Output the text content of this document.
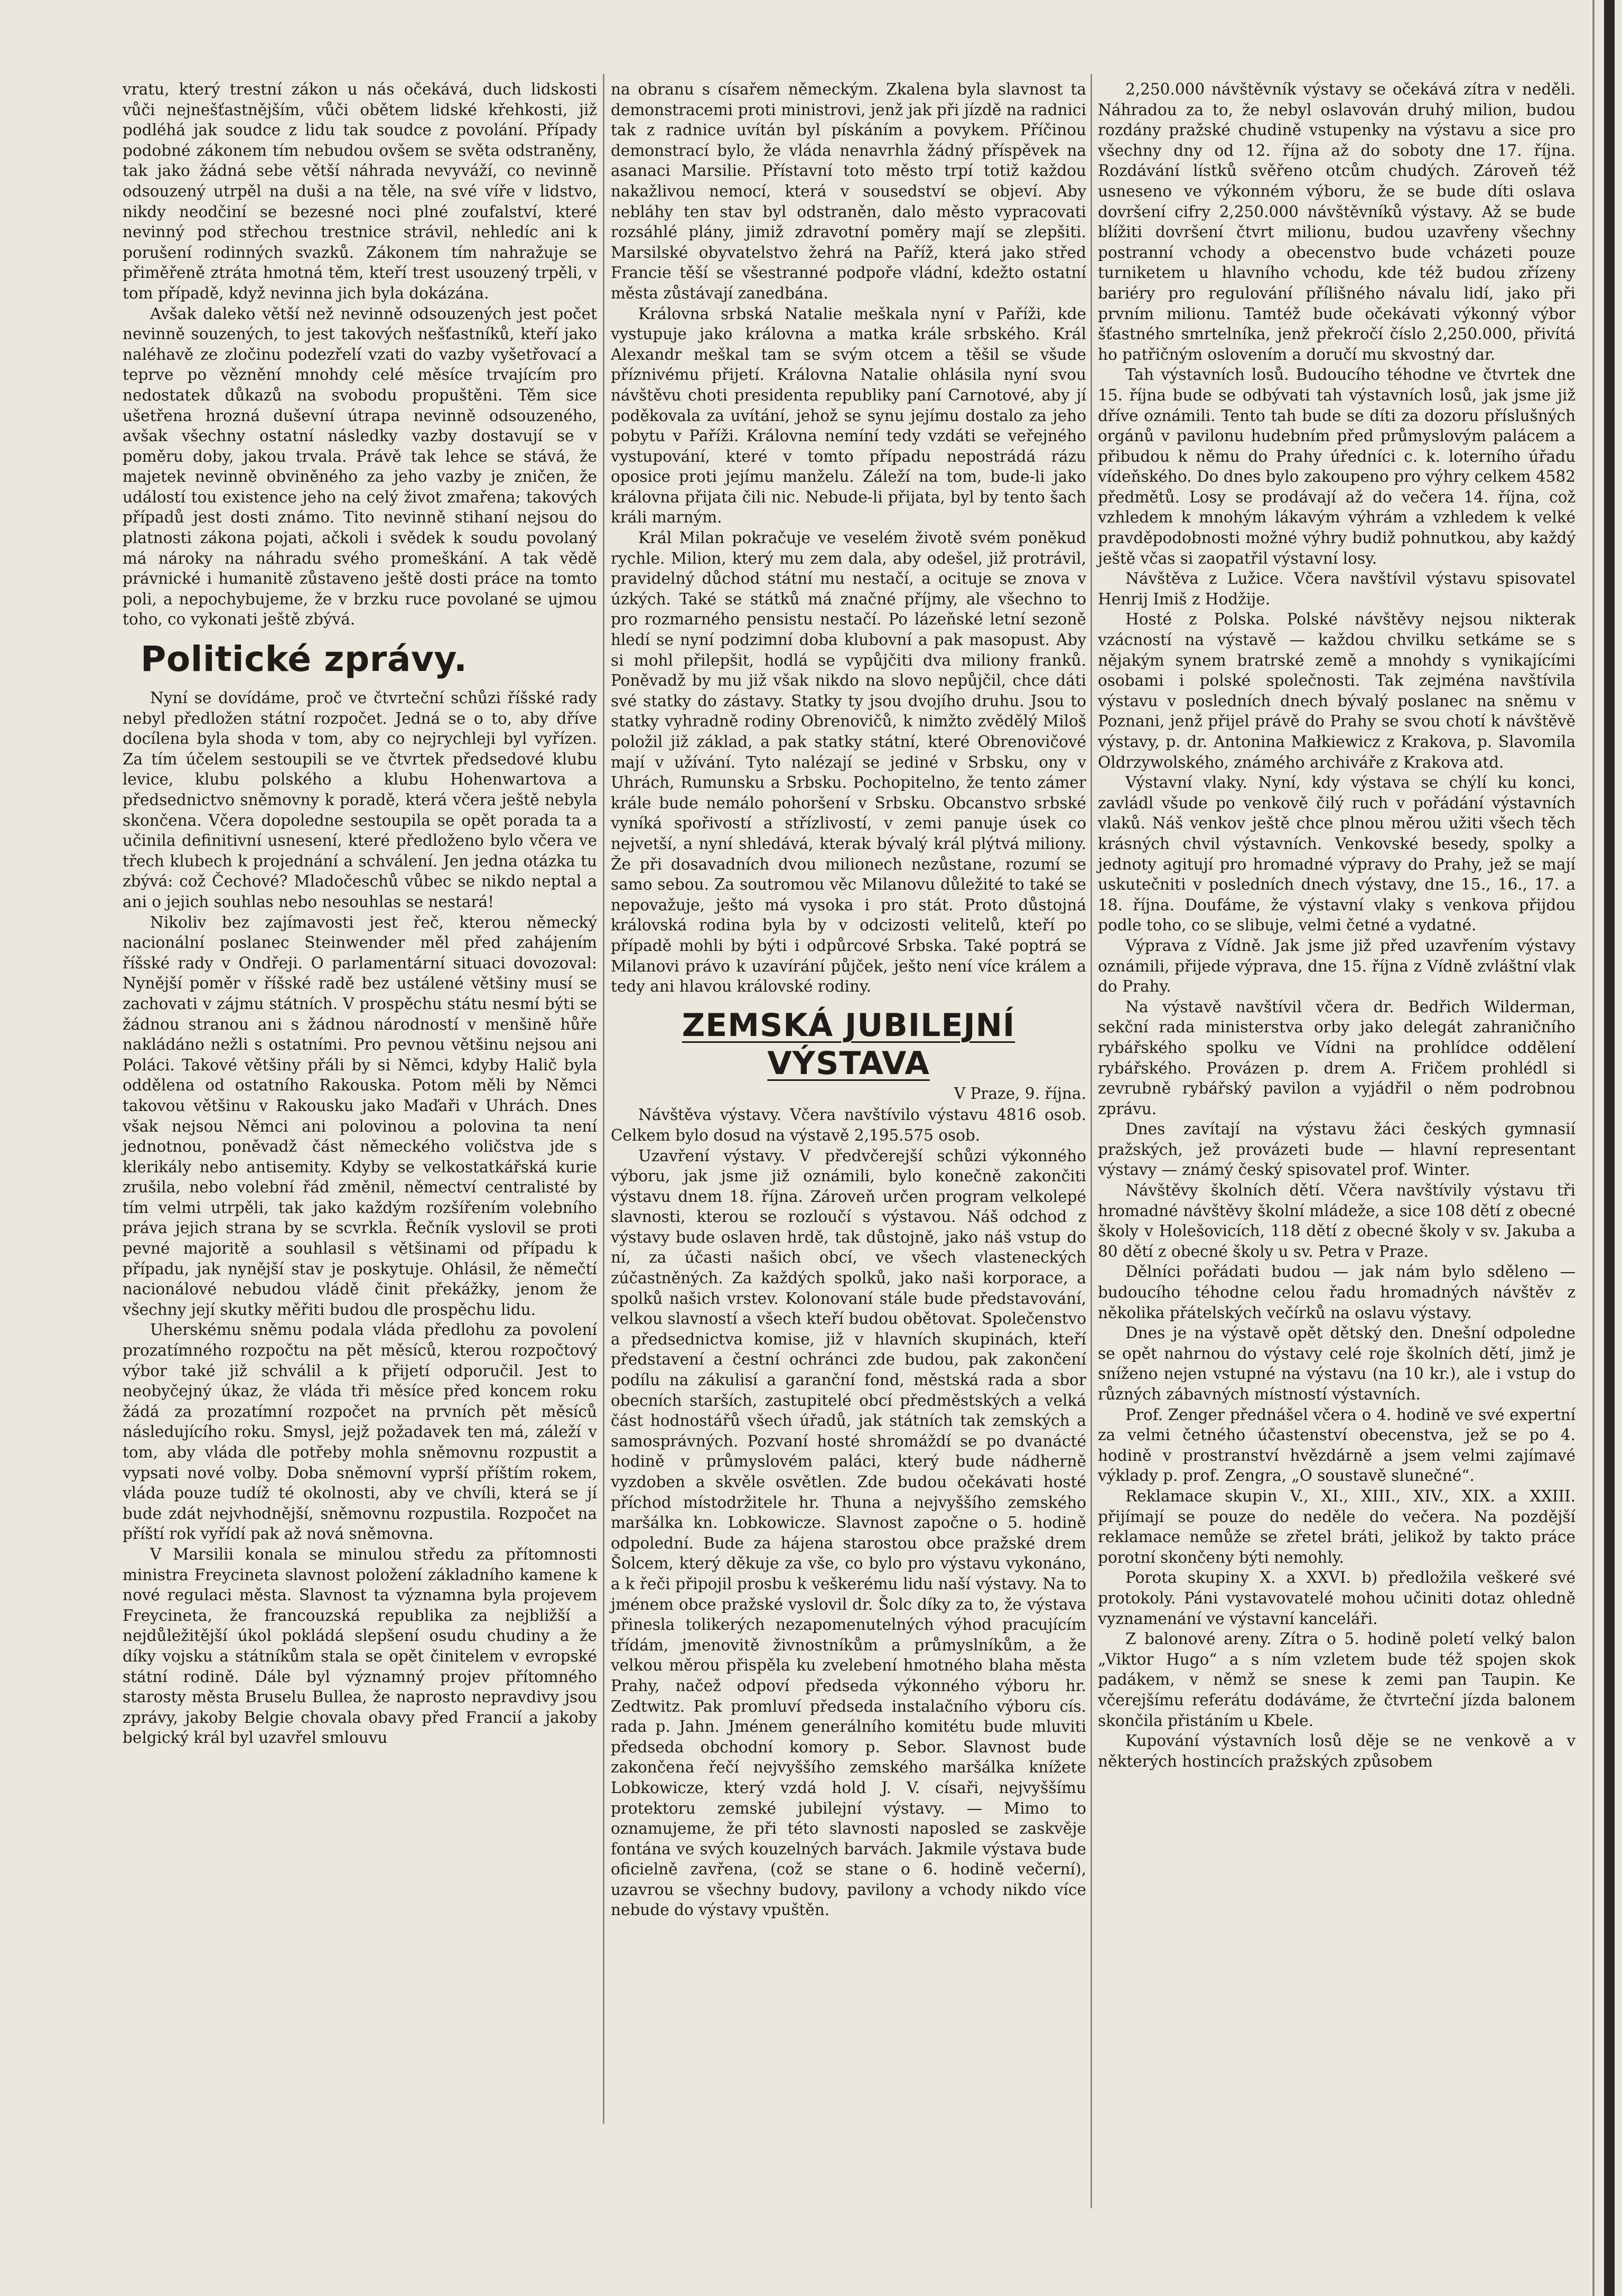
vratu, který trestní zákon u nás očekává, duch lidskosti vůči nejnešťastnějším, vůči obětem lidské křehkosti, již podléhá jak soudce z lidu tak soudce z povolání. Případy podobné zákonem tím nebudou ovšem se světa odstraněny, tak jako žádná sebe větší náhrada nevyváží, co nevinně odsouzený utrpěl na duši a na těle, na své víře v lidstvo, nikdy neodčiní se bezesné noci plné zoufalství, které nevinný pod střechou trestnice strávil, nehledíc ani k porušení rodinných svazků. Zákonem tím nahražuje se přiměřeně ztráta hmotná těm, kteří trest usouzený trpěli, v tom případě, když nevinna jich byla dokázána.

Avšak daleko větší než nevinně odsouzených jest počet nevinně souzených, to jest takových nešťastníků, kteří jako naléhavě ze zločinu podezřelí vzati do vazby vyšetřovací a teprve po věznění mnohdy celé měsíce trvajícím pro nedostatek důkazů na svobodu propuštěni. Těm sice ušetřena hrozná duševní útrapa nevinně odsouzeného, avšak všechny ostatní následky vazby dostavují se v poměru doby, jakou trvala. Právě tak lehce se stává, že majetek nevinně obviněného za jeho vazby je zničen, že událostí tou existence jeho na celý život zmařena; takových případů jest dosti známo. Tito nevinně stihaní nejsou do platnosti zákona pojati, ačkoli i svědek k soudu povolaný má nároky na náhradu svého promeškání. A tak vědě právnické i humanitě zůstaveno ještě dosti práce na tomto poli, a nepochybujeme, že v brzku ruce povolané se ujmou toho, co vykonati ještě zbývá.

Politické zprávy.

Nyní se dovídáme, proč ve čtvrteční schůzi říšské rady nebyl předložen státní rozpočet. Jedná se o to, aby dříve docílena byla shoda v tom, aby co nejrychleji byl vyřízen. Za tím účelem sestoupili se ve čtvrtek předsedové klubu levice, klubu polského a klubu Hohenwartova a předsednictvo sněmovny k poradě, která včera ještě nebyla skončena. Včera dopoledne sestoupila se opět porada ta a učinila definitivní usnesení, které předloženo bylo včera ve třech klubech k projednání a schválení. Jen jedna otázka tu zbývá: což Čechové? Mladočeschů vůbec se nikdo neptal a ani o jejich souhlas nebo nesouhlas se nestará!

Nikoliv bez zajímavosti jest řeč, kterou německý nacionální poslanec Steinwender měl před zahájením říšské rady v Ondřeji. O parlamentární situaci dovozoval: Nynější poměr v říšské radě bez ustálené většiny musí se zachovati v zájmu státních. V prospěchu státu nesmí býti se žádnou stranou ani s žádnou národností v menšině hůře nakládáno nežli s ostatními. Pro pevnou většinu nejsou ani Poláci. Takové většiny přáli by si Němci, kdyby Halič byla oddělena od ostatního Rakouska. Potom měli by Němci takovou většinu v Rakousku jako Maďaři v Uhrách. Dnes však nejsou Němci ani polovinou a polovina ta není jednotnou, poněvadž část německého voličstva jde s klerikály nebo antisemity. Kdyby se velkostatkářská kurie zrušila, nebo volební řád změnil, němectví centralisté by tím velmi utrpěli, tak jako každým rozšířením volebního práva jejich strana by se scvrkla. Řečník vyslovil se proti pevné majoritě a souhlasil s většinami od případu k případu, jak nynější stav je poskytuje. Ohlásil, že němečtí nacionálové nebudou vládě činit překážky, jenom že všechny její skutky měřiti budou dle prospěchu lidu.

Uherskému sněmu podala vláda předlohu za povolení prozatímného rozpočtu na pět měsíců, kterou rozpočtový výbor také již schválil a k přijetí odporučil. Jest to neobyčejný úkaz, že vláda tři měsíce před koncem roku žádá za prozatímní rozpočet na prvních pět měsíců následujícího roku. Smysl, jejž požadavek ten má, záleží v tom, aby vláda dle potřeby mohla sněmovnu rozpustit a vypsati nové volby. Doba sněmovní vyprší příštím rokem, vláda pouze tudíž té okolnosti, aby ve chvíli, která se jí bude zdát nejvhodnější, sněmovnu rozpustila. Rozpočet na příští rok vyřídí pak až nová sněmovna.

V Marsilii konala se minulou středu za přítomnosti ministra Freycineta slavnost položení základního kamene k nové regulaci města. Slavnost ta významna byla projevem Freycineta, že francouzská republika za nejbližší a nejdůležitější úkol pokládá slepšení osudu chudiny a že díky vojsku a státníkům stala se opět činitelem v evropské státní rodině. Dále byl významný projev přítomného starosty města Bruselu Bullea, že naprosto nepravdivy jsou zprávy, jakoby Belgie chovala obavy před Francií a jakoby belgický král byl uzavřel smlouvu

na obranu s císařem německým. Zkalena byla slavnost ta demonstracemi proti ministrovi, jenž jak při jízdě na radnici tak z radnice uvítán byl pískáním a povykem. Příčinou demonstrací bylo, že vláda nenavrhla žádný příspěvek na asanaci Marsilie. Přístavní toto město trpí totiž každou nakažlivou nemocí, která v sousedství se objeví. Aby nebláhy ten stav byl odstraněn, dalo město vypracovati rozsáhlé plány, jimiž zdravotní poměry mají se zlepšiti. Marsilské obyvatelstvo žehrá na Paříž, která jako střed Francie těší se všestranné podpoře vládní, kdežto ostatní města zůstávají zanedbána.

Královna srbská Natalie meškala nyní v Paříži, kde vystupuje jako královna a matka krále srbského. Král Alexandr meškal tam se svým otcem a těšil se všude příznivému přijetí. Královna Natalie ohlásila nyní svou návštěvu choti presidenta republiky paní Carnotové, aby jí poděkovala za uvítání, jehož se synu jejímu dostalo za jeho pobytu v Paříži. Královna nemíní tedy vzdáti se veřejného vystupování, které v tomto případu nepostrádá rázu oposice proti jejímu manželu. Záleží na tom, bude-li jako královna přijata čili nic. Nebude-li přijata, byl by tento šach králi marným.

Král Milan pokračuje ve veselém životě svém poněkud rychle. Milion, který mu zem dala, aby odešel, již protrávil, pravidelný důchod státní mu nestačí, a ocituje se znova v úzkých. Také se státků má značné příjmy, ale všechno to pro rozmarného pensistu nestačí. Po lázeňské letní sezoně hledí se nyní podzimní doba klubovní a pak masopust. Aby si mohl přilepšit, hodlá se vypůjčiti dva miliony franků. Poněvadž by mu již však nikdo na slovo nepůjčil, chce dáti své statky do zástavy. Statky ty jsou dvojího druhu. Jsou to statky vyhradně rodiny Obrenovičů, k nimžto zvědělý Miloš položil již základ, a pak statky státní, které Obrenovičové mají v užívání. Tyto nalézají se jediné v Srbsku, ony v Uhrách, Rumunsku a Srbsku. Pochopitelno, že tento zámer krále bude nemálo pohoršení v Srbsku. Obcanstvo srbské vyníká spořivostí a střízlivostí, v zemi panuje úsek co nejvetší, a nyní shledává, kterak bývalý král plýtvá miliony. Že při dosavadních dvou milionech nezůstane, rozumí se samo sebou. Za soutromou věc Milanovu důležité to také se nepovažuje, ješto má vysoka i pro stát. Proto důstojná královská rodina byla by v odcizosti velitelů, kteří po případě mohli by býti i odpůrcové Srbska. Také poptrá se Milanovi právo k uzavírání půjček, ješto není více králem a tedy ani hlavou královské rodiny.

ZEMSKÁ JUBILEJNÍ VÝSTAVA
V Praze, 9. října.

Návštěva výstavy. Včera navštívilo výstavu 4816 osob. Celkem bylo dosud na výstavě 2,195.575 osob.

Uzavření výstavy. V předvčerejší schůzi výkonného výboru, jak jsme již oznámili, bylo konečně zakončiti výstavu dnem 18. října. Zároveň určen program velkolepé slavnosti, kterou se rozloučí s výstavou. Náš odchod z výstavy bude oslaven hrdě, tak důstojně, jako náš vstup do ní, za účasti našich obcí, ve všech vlasteneckých zúčastněných. Za každých spolků, jako naši korporace, a spolků našich vrstev. Kolonovaní stále bude představování, velkou slavností a všech kteří budou obětovat. Společenstvo a předsednictva komise, již v hlavních skupinách, kteří představení a čestní ochránci zde budou, pak zakončení podílu na zákulisí a garanční fond, městská rada a sbor obecních starších, zastupitelé obcí předměstských a velká část hodnostářů všech úřadů, jak státních tak zemských a samosprávných. Pozvaní hosté shromáždí se po dvanácté hodině v průmyslovém paláci, který bude nádherně vyzdoben a skvěle osvětlen. Zde budou očekávati hosté příchod místodržitele hr. Thuna a nejvyššího zemského maršálka kn. Lobkowicze. Slavnost započne o 5. hodině odpolední. Bude za hájena starostou obce pražské drem Šolcem, který děkuje za vše, co bylo pro výstavu vykonáno, a k řeči připojil prosbu k veškerému lidu naší výstavy. Na to jménem obce pražské vyslovil dr. Šolc díky za to, že výstava přinesla tolikerých nezapomenutelných výhod pracujícím třídám, jmenovitě živnostníkům a průmyslníkům, a že velkou měrou přispěla ku zvelebení hmotného blaha města Prahy, načež odpoví předseda výkonného výboru hr. Zedtwitz. Pak promluví předseda instalačního výboru cís. rada p. Jahn. Jménem generálního komitétu bude mluviti předseda obchodní komory p. Sebor. Slavnost bude zakončena řečí nejvyššího zemského maršálka knížete Lobkowicze, který vzdá hold J. V. císaři, nejvyššímu protektoru zemské jubilejní výstavy. — Mimo to oznamujeme, že při této slavnosti naposled se zaskvěje fontána ve svých kouzelných barvách. Jakmile výstava bude oficielně zavřena, (což se stane o 6. hodině večerní), uzavrou se všechny budovy, pavilony a vchody nikdo více nebude do výstavy vpuštěn.

2,250.000 návštěvník výstavy se očekává zítra v neděli. Náhradou za to, že nebyl oslavován druhý milion, budou rozdány pražské chudině vstupenky na výstavu a sice pro všechny dny od 12. října až do soboty dne 17. října. Rozdávání lístků svěřeno otcům chudých. Zároveň též usneseno ve výkonném výboru, že se bude díti oslava dovršení cifry 2,250.000 návštěvníků výstavy. Až se bude blížiti dovršení čtvrt milionu, budou uzavřeny všechny postranní vchody a obecenstvo bude vcházeti pouze turniketem u hlavního vchodu, kde též budou zřízeny bariéry pro regulování přílišného návalu lidí, jako při prvním milionu. Tamtéž bude očekávati výkonný výbor šťastného smrtelníka, jenž překročí číslo 2,250.000, přivítá ho patřičným oslovením a doručí mu skvostný dar.

Tah výstavních losů. Budoucího téhodne ve čtvrtek dne 15. října bude se odbývati tah výstavních losů, jak jsme již dříve oznámili. Tento tah bude se díti za dozoru příslušných orgánů v pavilonu hudebním před průmyslovým palácem a přibudou k němu do Prahy úředníci c. k. loterního úřadu vídeňského. Do dnes bylo zakoupeno pro výhry celkem 4582 předmětů. Losy se prodávají až do večera 14. října, což vzhledem k mnohým lákavým výhrám a vzhledem k velké pravděpodobnosti možné výhry budiž pohnutkou, aby každý ještě včas si zaopatřil výstavní losy.

Návštěva z Lužice. Včera navštívil výstavu spisovatel Henrij Imiš z Hodžije.

Hosté z Polska. Polské návštěvy nejsou nikterak vzácností na výstavě — každou chvilku setkáme se s nějakým synem bratrské země a mnohdy s vynikajícími osobami i polské společnosti. Tak zejména navštívila výstavu v posledních dnech bývalý poslanec na sněmu v Poznani, jenž přijel právě do Prahy se svou chotí k návštěvě výstavy, p. dr. Antonina Małkiewicz z Krakova, p. Slavomila Oldrzywolského, známého archiváře z Krakova atd.

Výstavní vlaky. Nyní, kdy výstava se chýlí ku konci, zavládl všude po venkově čilý ruch v pořádání výstavních vlaků. Náš venkov ještě chce plnou měrou užiti všech těch krásných chvil výstavních. Venkovské besedy, spolky a jednoty agitují pro hromadné výpravy do Prahy, jež se mají uskutečniti v posledních dnech výstavy, dne 15., 16., 17. a 18. října. Doufáme, že výstavní vlaky s venkova přijdou podle toho, co se slibuje, velmi četné a vydatné.

Výprava z Vídně. Jak jsme již před uzavřením výstavy oznámili, přijede výprava, dne 15. října z Vídně zvláštní vlak do Prahy.

Na výstavě navštívil včera dr. Bedřich Wilderman, sekční rada ministerstva orby jako delegát zahraničního rybářského spolku ve Vídni na prohlídce oddělení rybářského. Provázen p. drem A. Fričem prohlédl si zevrubně rybářský pavilon a vyjádřil o něm podrobnou zprávu.

Dnes zavítají na výstavu žáci českých gymnasií pražských, jež provázeti bude — hlavní representant výstavy — známý český spisovatel prof. Winter.

Návštěvy školních dětí. Včera navštívily výstavu tři hromadné návštěvy školní mládeže, a sice 108 dětí z obecné školy v Holešovicích, 118 dětí z obecné školy v sv. Jakuba a 80 dětí z obecné školy u sv. Petra v Praze.

Dělníci pořádati budou — jak nám bylo sděleno — budoucího téhodne celou řadu hromadných návštěv z několika přátelských večírků na oslavu výstavy.

Dnes je na výstavě opět dětský den. Dnešní odpoledne se opět nahrnou do výstavy celé roje školních dětí, jimž je sníženo nejen vstupné na výstavu (na 10 kr.), ale i vstup do různých zábavných místností výstavních.

Prof. Zenger přednášel včera o 4. hodině ve své expertní za velmi četného účastenství obecenstva, jež se po 4. hodině v prostranství hvězdárně a jsem velmi zajímavé výklady p. prof. Zengra, „O soustavě slunečné“.

Reklamace skupin V., XI., XIII., XIV., XIX. a XXIII. přijímají se pouze do neděle do večera. Na pozdější reklamace nemůže se zřetel bráti, jelikož by takto práce porotní skončeny býti nemohly.

Porota skupiny X. a XXVI. b) předložila veškeré své protokoly. Páni vystavovatelé mohou učiniti dotaz ohledně vyznamenání ve výstavní kanceláři.

Z balonové areny. Zítra o 5. hodině poletí velký balon „Viktor Hugo“ a s ním vzletem bude též spojen skok padákem, v němž se snese k zemi pan Taupin. Ke včerejšímu referátu dodáváme, že čtvrteční jízda balonem skončila přistáním u Kbele.

Kupování výstavních losů děje se ne venkově a v některých hostincích pražských způsobem
